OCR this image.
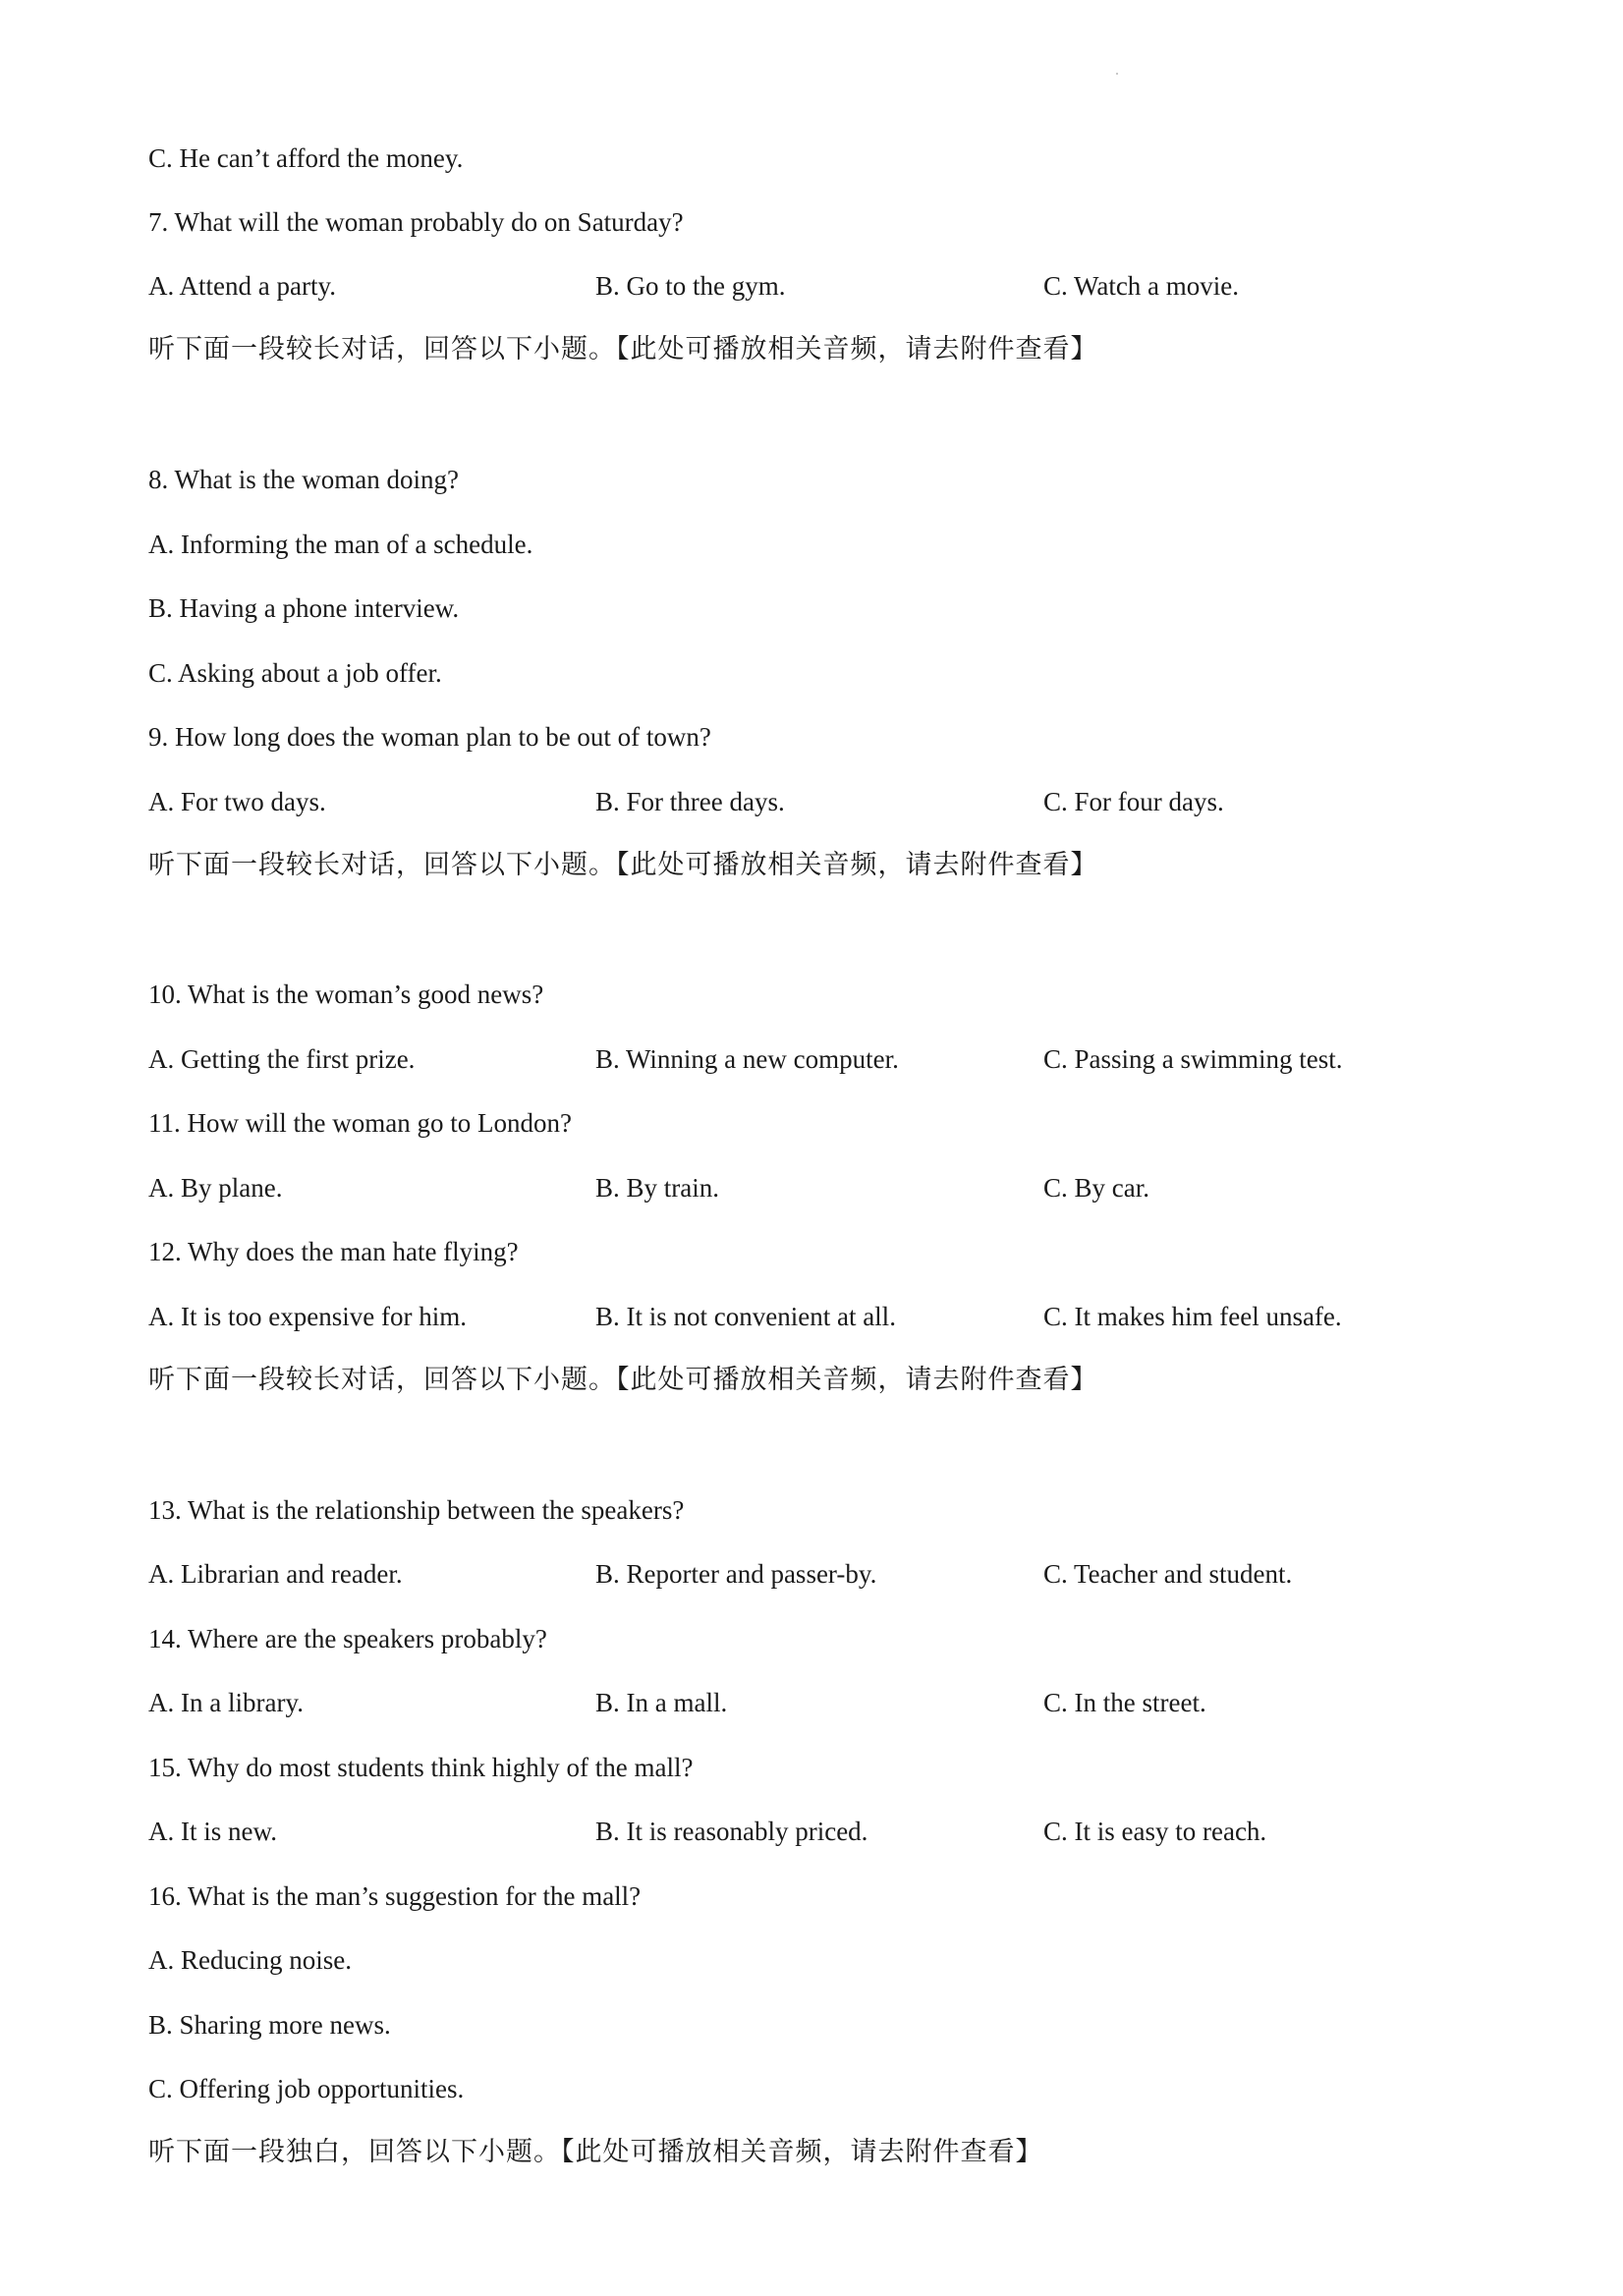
C. He can’t afford the money.
7. What will the woman probably do on Saturday?
A. Attend a party.	B. Go to the gym.	C. Watch a movie.
听下面一段较长对话，回答以下小题。【此处可播放相关音频，请去附件查看】
8. What is the woman doing?
A. Informing the man of a schedule.
B. Having a phone interview.
C. Asking about a job offer.
9. How long does the woman plan to be out of town?
A. For two days.	B. For three days.	C. For four days.
听下面一段较长对话，回答以下小题。【此处可播放相关音频，请去附件查看】
10. What is the woman’s good news?
A. Getting the first prize.	B. Winning a new computer.	C. Passing a swimming test.
11. How will the woman go to London?
A. By plane.	B. By train.	C. By car.
12. Why does the man hate flying?
A. It is too expensive for him.	B. It is not convenient at all.	C. It makes him feel unsafe.
听下面一段较长对话，回答以下小题。【此处可播放相关音频，请去附件查看】
13. What is the relationship between the speakers?
A. Librarian and reader.	B. Reporter and passer-by.	C. Teacher and student.
14. Where are the speakers probably?
A. In a library.	B. In a mall.	C. In the street.
15. Why do most students think highly of the mall?
A. It is new.	B. It is reasonably priced.	C. It is easy to reach.
16. What is the man’s suggestion for the mall?
A. Reducing noise.
B. Sharing more news.
C. Offering job opportunities.
听下面一段独白，回答以下小题。【此处可播放相关音频，请去附件查看】
